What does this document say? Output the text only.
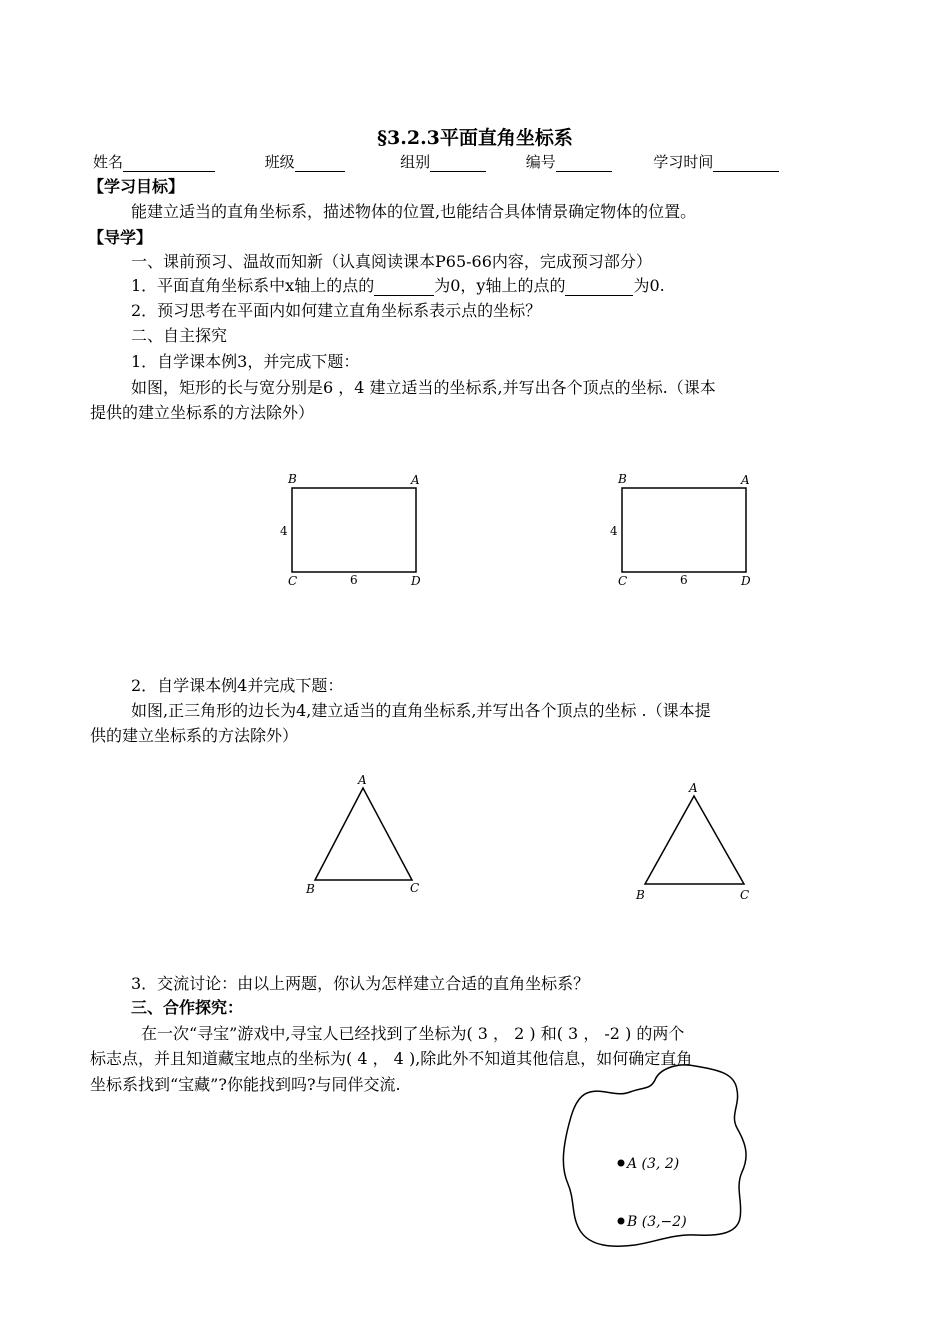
§3.2.3平面直角坐标系
姓名	班级	组别	编号	学习时间
【学习目标】
能建立适当的直角坐标系，描述物体的位置,也能结合具体情景确定物体的位置。
【导学】
一、课前预习、温故而知新（认真阅读课本P65-66内容，完成预习部分）
1．平面直角坐标系中x轴上的点的	为0，y轴上的点的	为0.
2．预习思考在平面内如何建立直角坐标系表示点的坐标？
二、自主探究
1．自学课本例3，并完成下题：
如图，矩形的长与宽分别是6 ，4 建立适当的坐标系,并写出各个顶点的坐标.（课本
提供的建立坐标系的方法除外）
B	A
C	D
6
4
B	A
C	D
6
4
2．自学课本例4并完成下题：
如图,正三角形的边长为4,建立适当的直角坐标系,并写出各个顶点的坐标 .（课本提
供的建立坐标系的方法除外）
A
B	C
A
B	C
3．交流讨论：由以上两题，你认为怎样建立合适的直角坐标系？
三、合作探究：
在一次“寻宝”游戏中,寻宝人已经找到了坐标为( 3 ， 2 ) 和( 3 ， -2 ) 的两个
标志点，并且知道藏宝地点的坐标为( 4 ， 4 ),除此外不知道其他信息，如何确定直角
坐标系找到“宝藏”?你能找到吗?与同伴交流.
A (3, 2)
B (3,−2)
